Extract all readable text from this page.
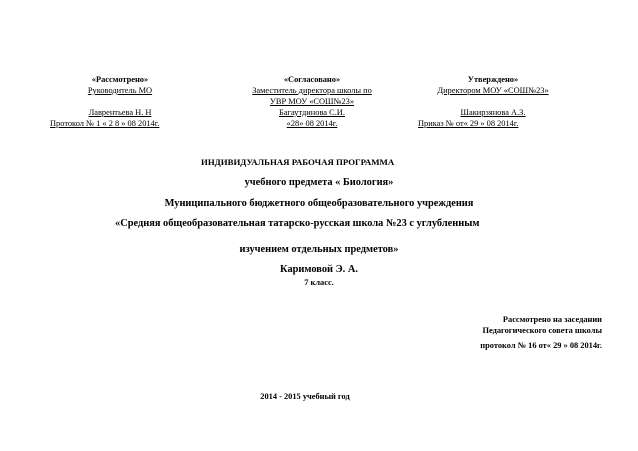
«Рассмотрено»
Руководитель МО
Лаврентьева Н. Н
Протокол № 1 « 2 8 » 08 2014г.
«Согласовано»
Заместитель директора школы по
УВР МОУ «СОШ№23»
Багаутдинова С.И.
«28» 08 2014г.
Утверждено»
Директором МОУ «СОШ№23»
Шакирзянова А.З.
Приказ № от« 29 » 08 2014г.
ИНДИВИДУАЛЬНАЯ РАБОЧАЯ ПРОГРАММА
учебного предмета « Биология»
Муниципального бюджетного общеобразовательного учреждения
«Средняя общеобразовательная татарско-русская школа №23 с углубленным
изучением отдельных предметов»
Каримовой Э. А.
7 класс.
Рассмотрено на заседании
Педагогического совета школы
протокол № 16 от« 29 » 08 2014г.
2014 - 2015 учебный год
